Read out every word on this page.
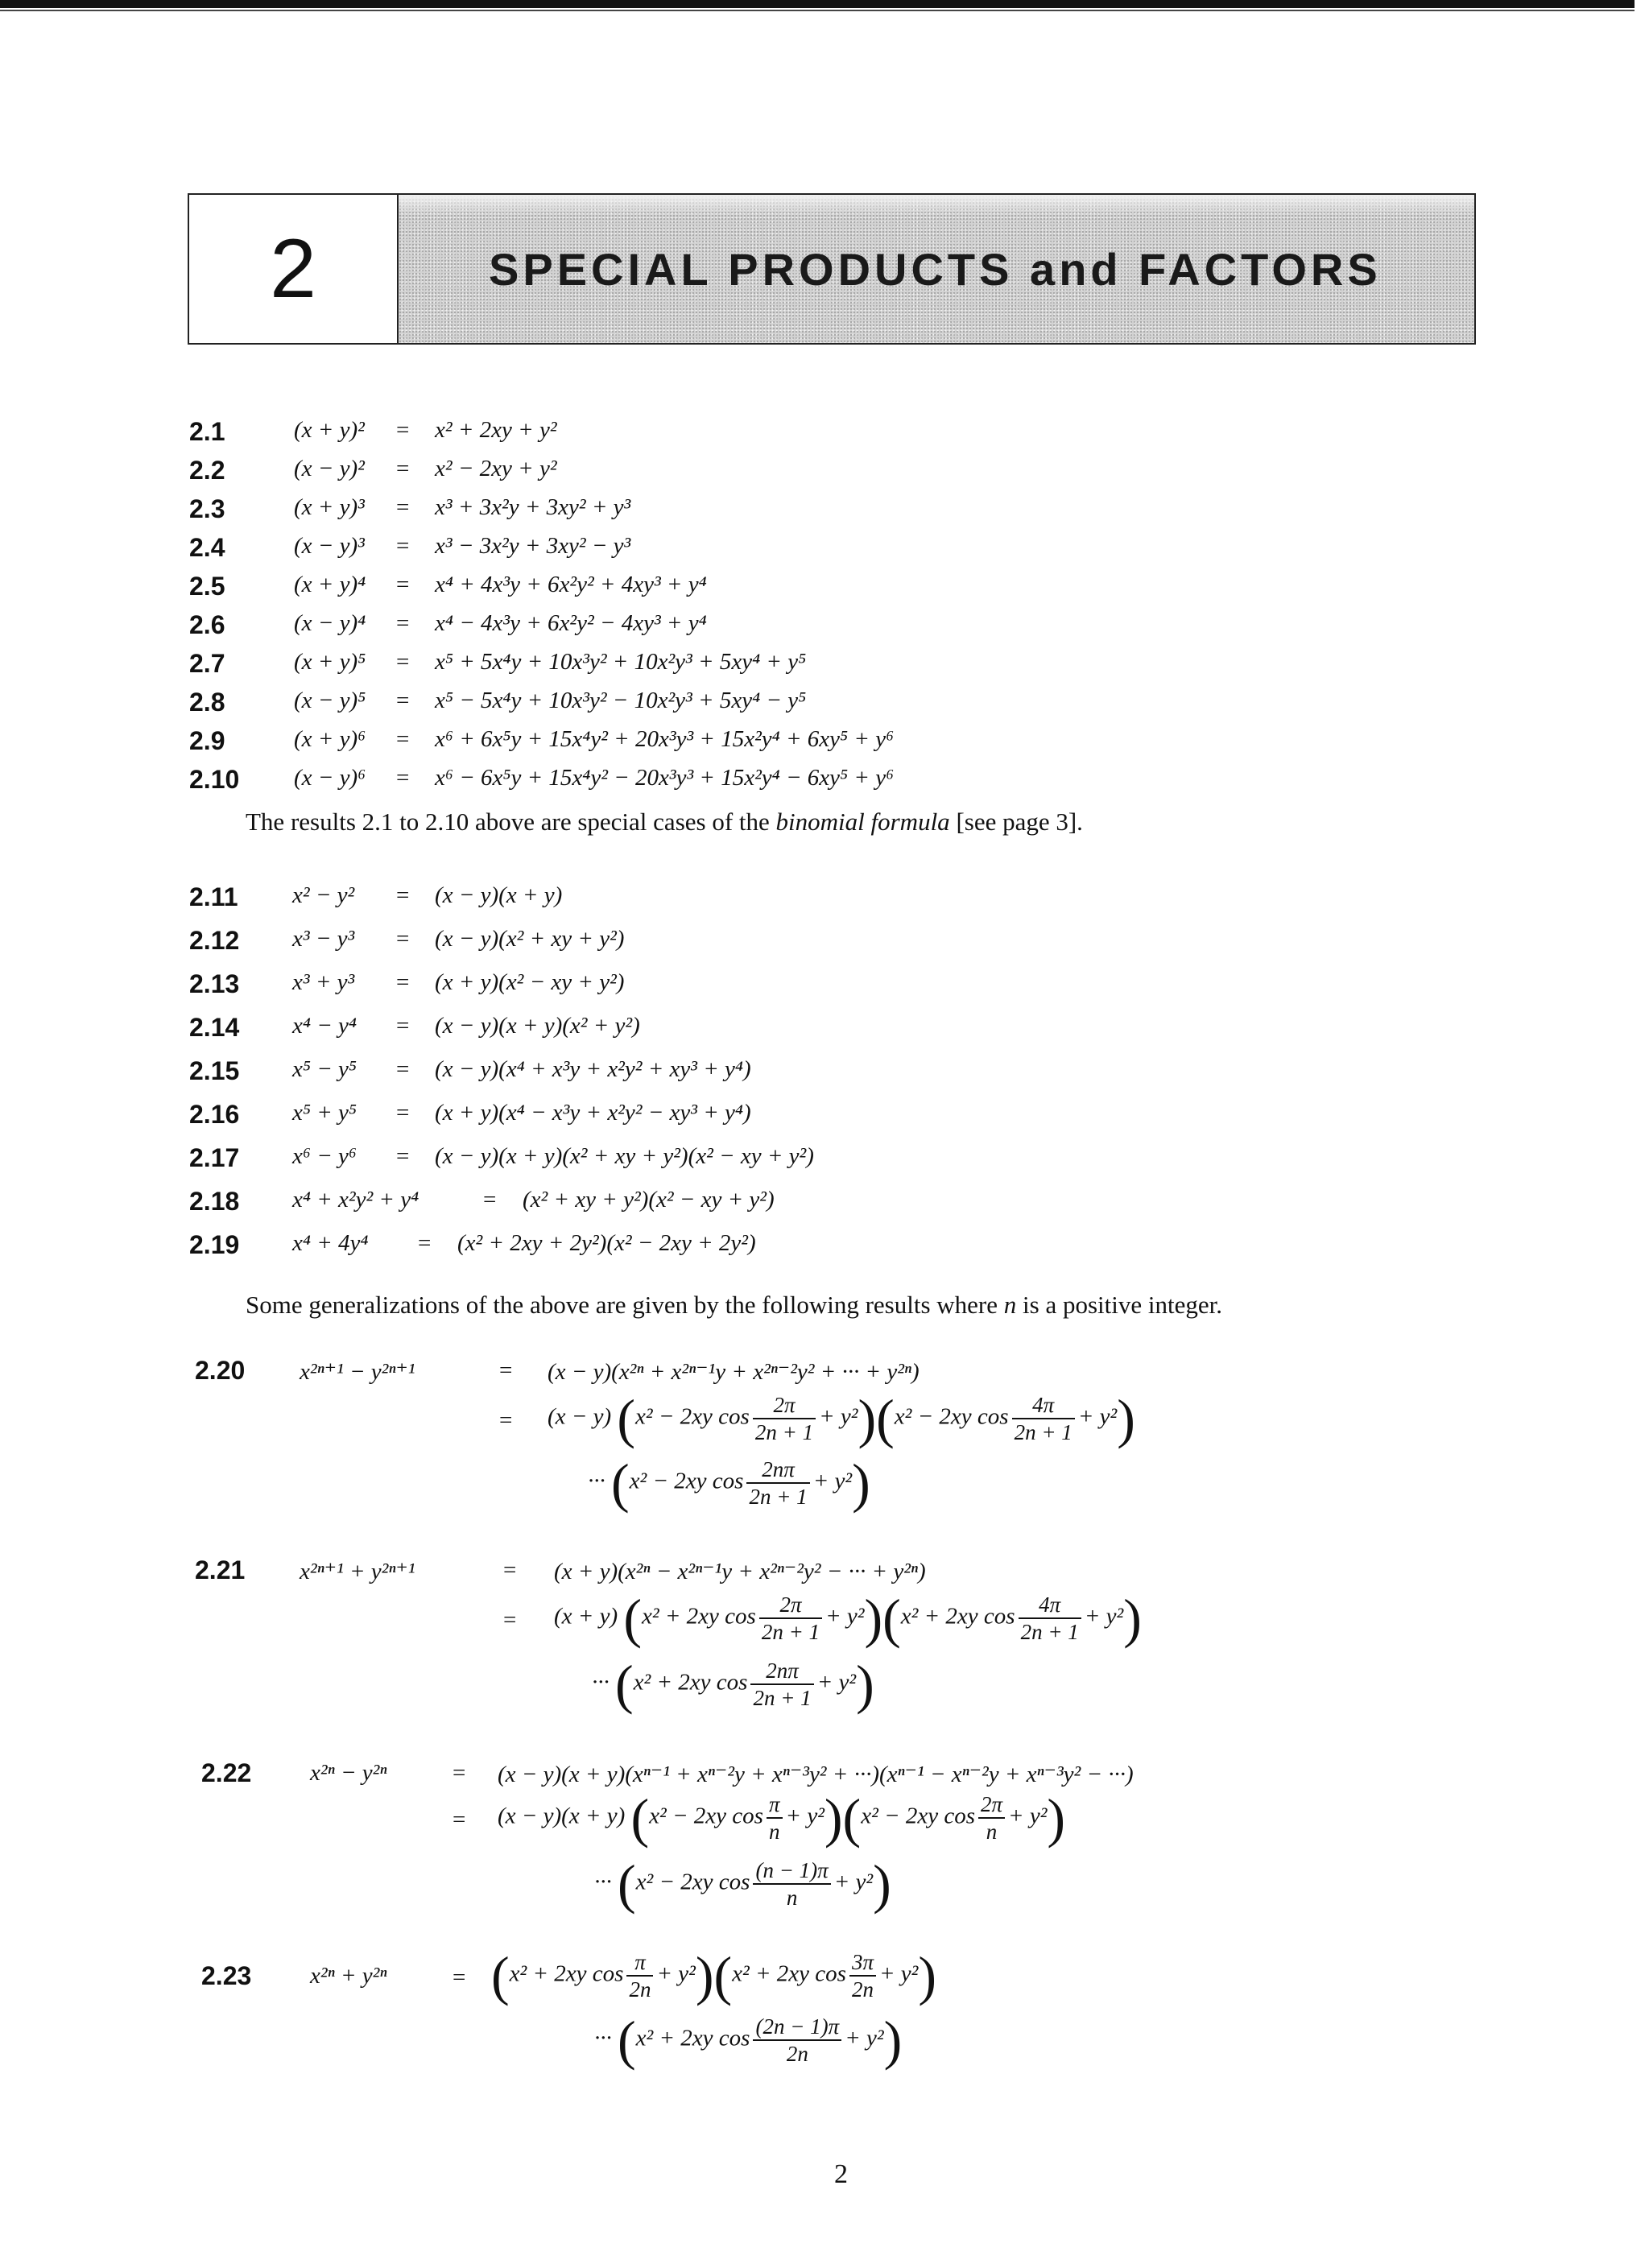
2	SPECIAL PRODUCTS and FACTORS
2.1	(x + y)² = x² + 2xy + y²
2.2	(x − y)² = x² − 2xy + y²
2.3	(x + y)³ = x³ + 3x²y + 3xy² + y³
2.4	(x − y)³ = x³ − 3x²y + 3xy² − y³
2.5	(x + y)⁴ = x⁴ + 4x³y + 6x²y² + 4xy³ + y⁴
2.6	(x − y)⁴ = x⁴ − 4x³y + 6x²y² − 4xy³ + y⁴
2.7	(x + y)⁵ = x⁵ + 5x⁴y + 10x³y² + 10x²y³ + 5xy⁴ + y⁵
2.8	(x − y)⁵ = x⁵ − 5x⁴y + 10x³y² − 10x²y³ + 5xy⁴ − y⁵
2.9	(x + y)⁶ = x⁶ + 6x⁵y + 15x⁴y² + 20x³y³ + 15x²y⁴ + 6xy⁵ + y⁶
2.10 (x − y)⁶ = x⁶ − 6x⁵y + 15x⁴y² − 20x³y³ + 15x²y⁴ − 6xy⁵ + y⁶
The results 2.1 to 2.10 above are special cases of the binomial formula [see page 3].
2.11 x² − y² = (x − y)(x + y)
2.12 x³ − y³ = (x − y)(x² + xy + y²)
2.13 x³ + y³ = (x + y)(x² − xy + y²)
2.14 x⁴ − y⁴ = (x − y)(x + y)(x² + y²)
2.15 x⁵ − y⁵ = (x − y)(x⁴ + x³y + x²y² + xy³ + y⁴)
2.16 x⁵ + y⁵ = (x + y)(x⁴ − x³y + x²y² − xy³ + y⁴)
2.17 x⁶ − y⁶ = (x − y)(x + y)(x² + xy + y²)(x² − xy + y²)
2.18 x⁴ + x²y² + y⁴	= (x² + xy + y²)(x² − xy + y²)
2.19 x⁴ + 4y⁴ = (x² + 2xy + 2y²)(x² − 2xy + 2y²)
Some generalizations of the above are given by the following results where n is a positive integer.
2.20 x²ⁿ⁺¹ − y²ⁿ⁺¹	= (x − y)(x²ⁿ + x²ⁿ⁻¹y + x²ⁿ⁻²y² + ··· + y²ⁿ)
= (x − y) (x² − 2xy $\cos \frac{2\pi}{2n + 1} + y^2)(x^2 - 2xy$ $\cos \frac{4\pi}{2n + 1} + y^2$)
··· (x² − 2xy $\cos \frac{2n\pi}{2n + 1} + y^2$)
2.21 x²ⁿ⁺¹ + y²ⁿ⁺¹	= (x + y)(x²ⁿ − x²ⁿ⁻¹y + x²ⁿ⁻²y² − ··· + y²ⁿ)
= (x + y) (x² + 2xy $\cos \frac{2\pi}{2n + 1} + y^2)(x^2 + 2xy$ $\cos \frac{4\pi}{2n + 1} + y^2$)
··· (x² + 2xy $\cos \frac{2n\pi}{2n + 1} + y^2$)
2.22	x²ⁿ − y²ⁿ	= (x − y)(x + y)(xⁿ⁻¹ + xⁿ⁻²y + xⁿ⁻³y² + ···)(xⁿ⁻¹ − xⁿ⁻²y + xⁿ⁻³y² − ···)
= (x − y)(x + y) (x² − 2xy $\cos \frac{\pi}{n} + y^2)(x^2 - 2xy$ $\cos \frac{2\pi}{n} + y^2$)
··· (x² − 2xy $\cos \frac{(n - 1)\pi}{n} + y^2$)
2.23	x²ⁿ + y²ⁿ	= (x² + 2xy $\cos \frac{\pi}{2n} + y^2)(x^2 + 2xy$ $\cos \frac{3\pi}{2n} + y^2$)
··· (x² + 2xy $\cos \frac{(2n - 1)\pi}{2n} + y^2$)
2
